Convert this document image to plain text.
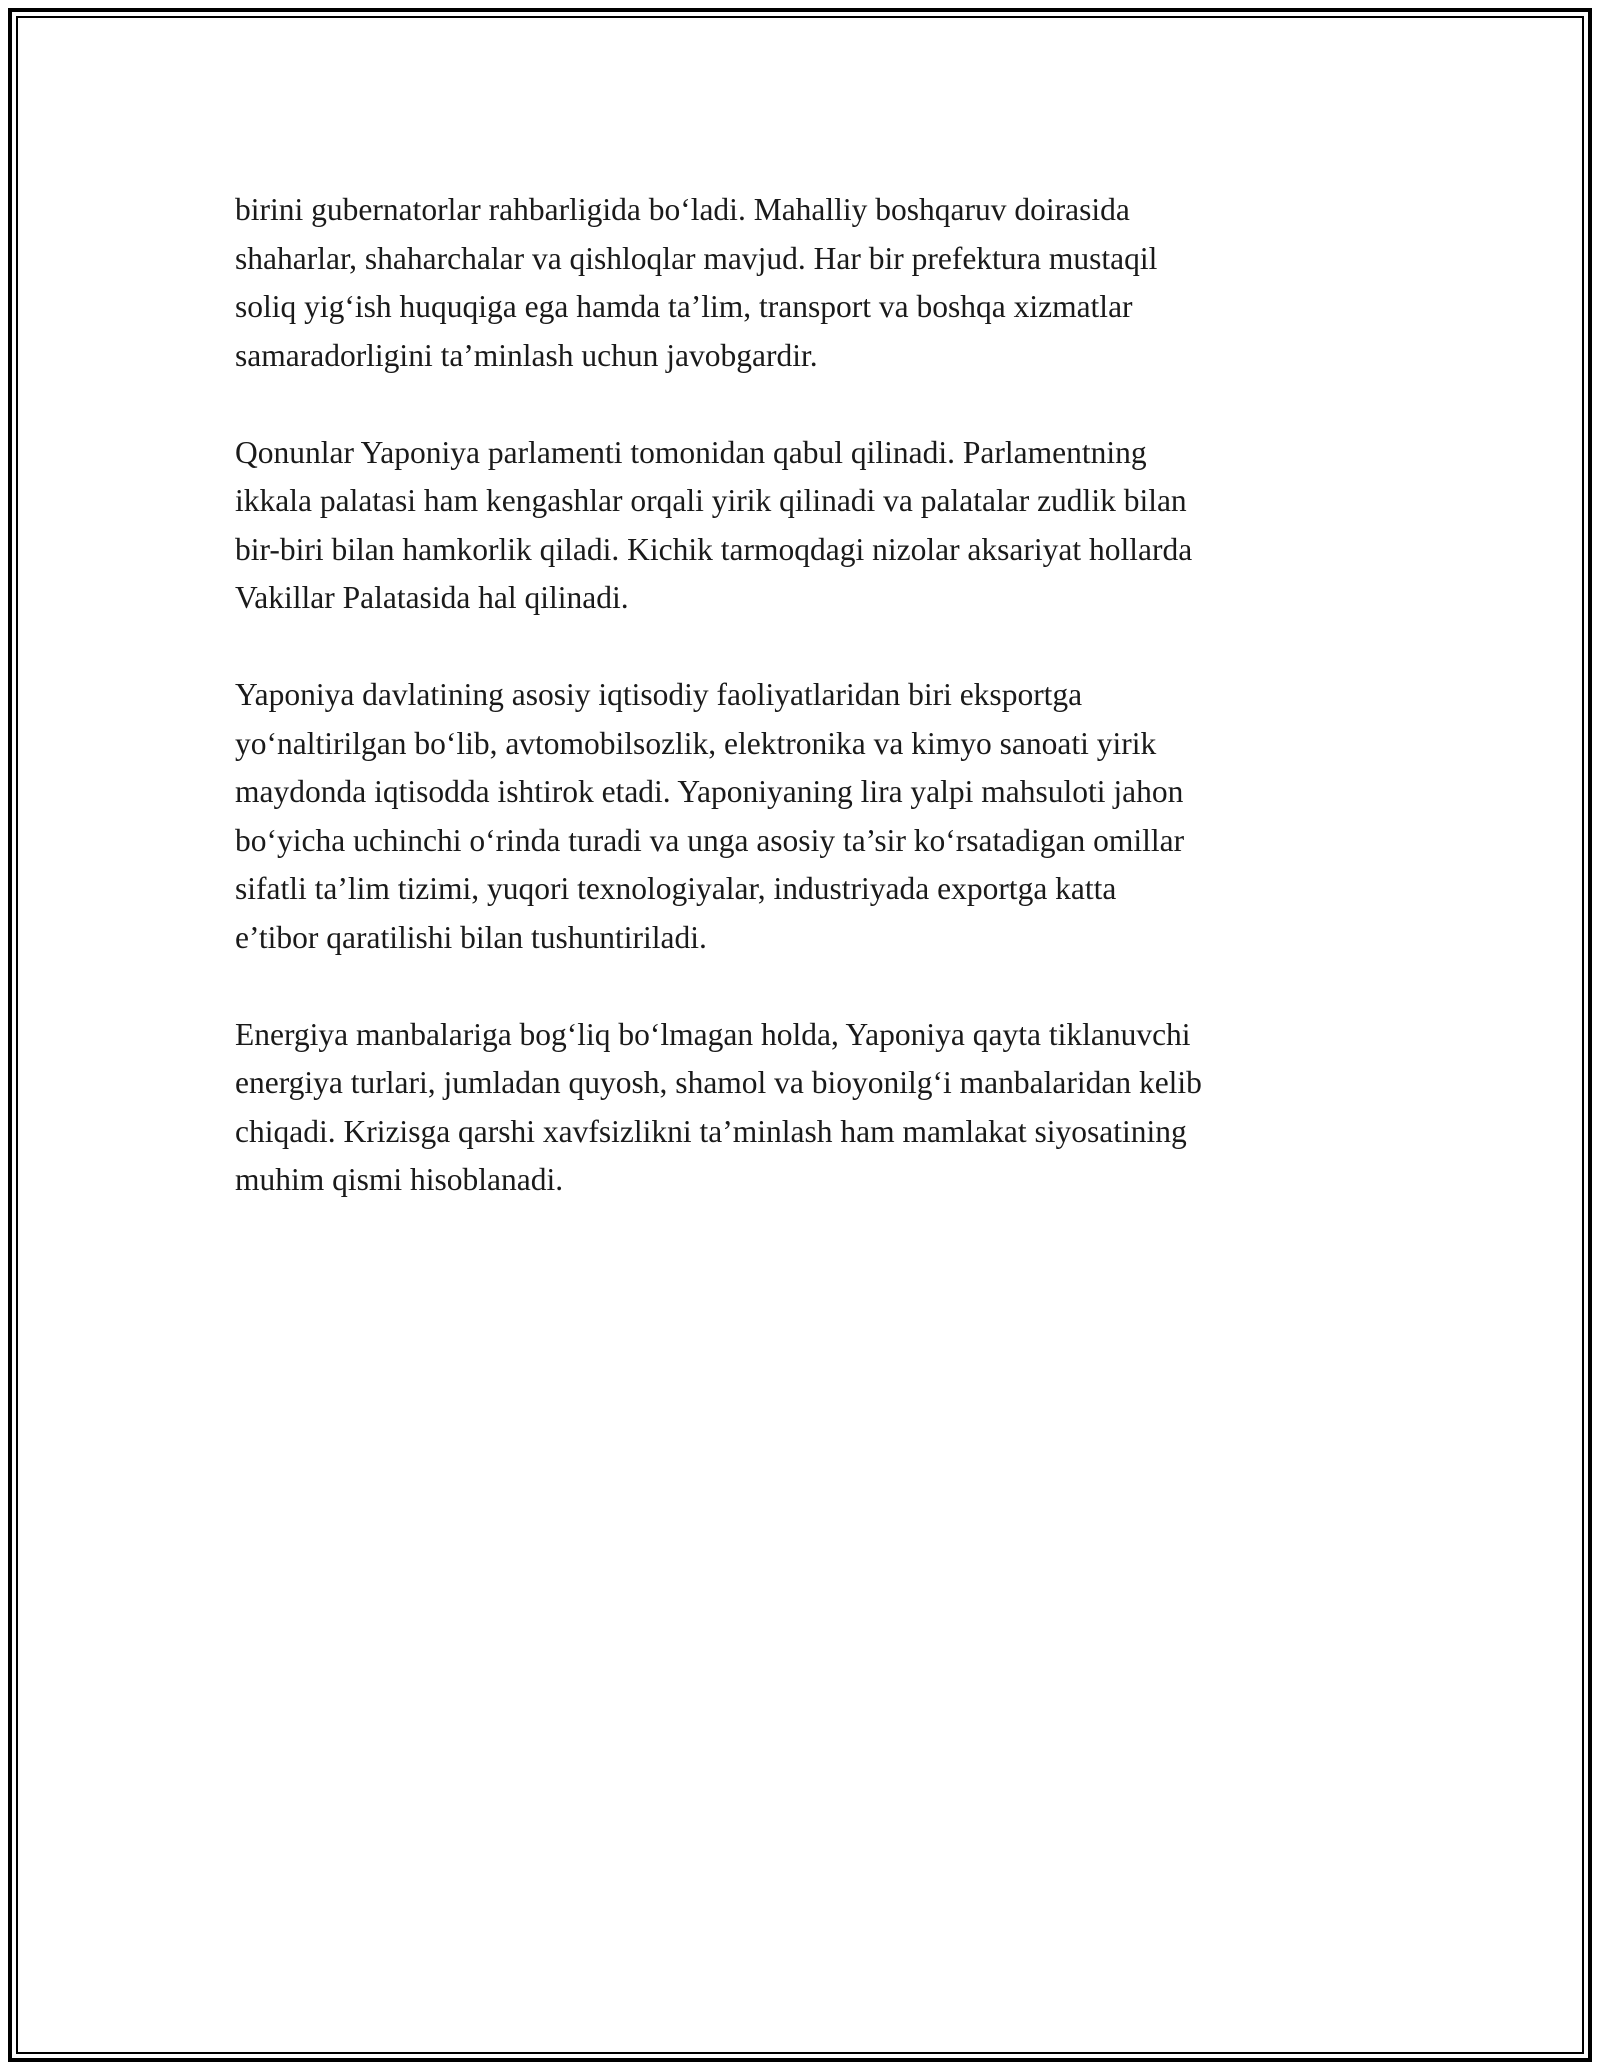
birini gubernatorlar rahbarligida bo‘ladi. Mahalliy boshqaruv doirasida
shaharlar, shaharchalar va qishloqlar mavjud. Har bir prefektura mustaqil
soliq yig‘ish huquqiga ega hamda ta’lim, transport va boshqa xizmatlar
samaradorligini ta’minlash uchun javobgardir.

Qonunlar Yaponiya parlamenti tomonidan qabul qilinadi. Parlamentning
ikkala palatasi ham kengashlar orqali yirik qilinadi va palatalar zudlik bilan
bir-biri bilan hamkorlik qiladi. Kichik tarmoqdagi nizolar aksariyat hollarda
Vakillar Palatasida hal qilinadi.

Yaponiya davlatining asosiy iqtisodiy faoliyatlaridan biri eksportga
yo‘naltirilgan bo‘lib, avtomobilsozlik, elektronika va kimyo sanoati yirik
maydonda iqtisodda ishtirok etadi. Yaponiyaning lira yalpi mahsuloti jahon
bo‘yicha uchinchi o‘rinda turadi va unga asosiy ta’sir ko‘rsatadigan omillar
sifatli ta’lim tizimi, yuqori texnologiyalar, industriyada exportga katta
e’tibor qaratilishi bilan tushuntiriladi.

Energiya manbalariga bog‘liq bo‘lmagan holda, Yaponiya qayta tiklanuvchi
energiya turlari, jumladan quyosh, shamol va bioyonilg‘i manbalaridan kelib
chiqadi. Krizisga qarshi xavfsizlikni ta’minlash ham mamlakat siyosatining
muhim qismi hisoblanadi.
